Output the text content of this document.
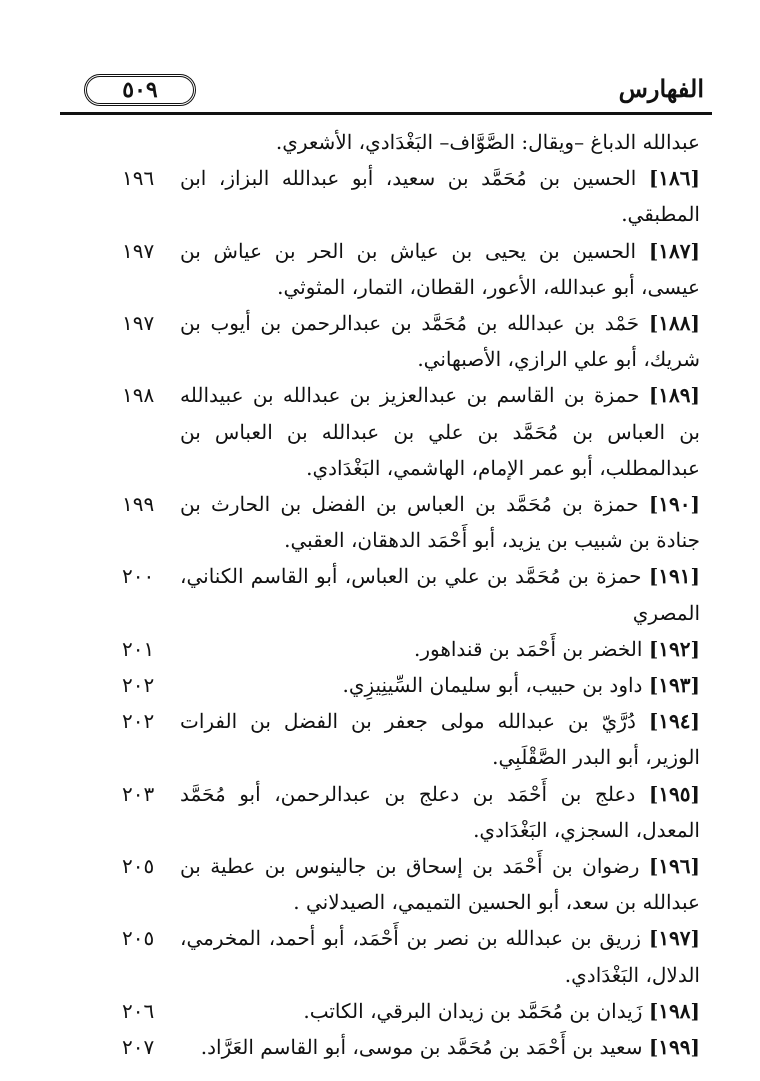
الفهارس
٥٠٩
عبدالله الدباغ –ويقال: الصَّوَّاف– البَغْدَادي، الأشعري.
[١٨٦] الحسين بن مُحَمَّد بن سعيد، أبو عبدالله البزاز، ابن المطبقي.
١٩٦
[١٨٧] الحسين بن يحيى بن عياش بن الحر بن عياش بن عيسى، أبو عبدالله، الأعور، القطان، التمار، المثوثي.
١٩٧
[١٨٨] حَمْد بن عبدالله بن مُحَمَّد بن عبدالرحمن بن أيوب بن شريك، أبو علي الرازي، الأصبهاني.
١٩٧
[١٨٩] حمزة بن القاسم بن عبدالعزيز بن عبدالله بن عبيدالله بن العباس بن مُحَمَّد بن علي بن عبدالله بن العباس بن عبدالمطلب، أبو عمر الإمام، الهاشمي، البَغْدَادي.
١٩٨
[١٩٠] حمزة بن مُحَمَّد بن العباس بن الفضل بن الحارث بن جنادة بن شبيب بن يزيد، أبو أَحْمَد الدهقان، العقبي.
١٩٩
[١٩١] حمزة بن مُحَمَّد بن علي بن العباس، أبو القاسم الكناني، المصري
٢٠٠
[١٩٢] الخضر بن أَحْمَد بن قنداهور.
٢٠١
[١٩٣] داود بن حبيب، أبو سليمان السِّينِيزِي.
٢٠٢
[١٩٤] دُرَّيّ بن عبدالله مولى جعفر بن الفضل بن الفرات الوزير، أبو البدر الصَّقْلَبِي.
٢٠٢
[١٩٥] دعلج بن أَحْمَد بن دعلج بن عبدالرحمن، أبو مُحَمَّد المعدل، السجزي، البَغْدَادي.
٢٠٣
[١٩٦] رضوان بن أَحْمَد بن إسحاق بن جالينوس بن عطية بن عبدالله بن سعد، أبو الحسين التميمي، الصيدلاني .
٢٠٥
[١٩٧] زريق بن عبدالله بن نصر بن أَحْمَد، أبو أحمد، المخرمي، الدلال، البَغْدَادي.
٢٠٥
[١٩٨] زَيدان بن مُحَمَّد بن زيدان البرقي، الكاتب.
٢٠٦
[١٩٩] سعيد بن أَحْمَد بن مُحَمَّد بن موسى، أبو القاسم العَرَّاد.
٢٠٧
